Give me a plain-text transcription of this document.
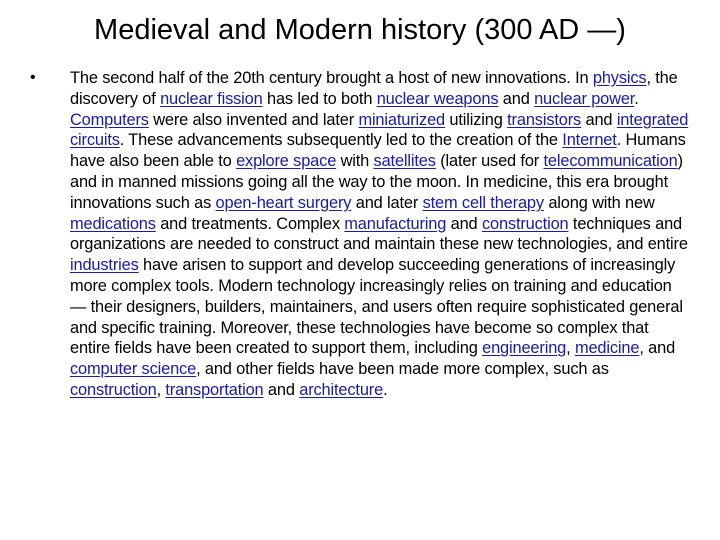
Medieval and Modern history (300 AD —)
• The second half of the 20th century brought a host of new innovations. In physics, the discovery of nuclear fission has led to both nuclear weapons and nuclear power. Computers were also invented and later miniaturized utilizing transistors and integrated circuits. These advancements subsequently led to the creation of the Internet. Humans have also been able to explore space with satellites (later used for telecommunication) and in manned missions going all the way to the moon. In medicine, this era brought innovations such as open-heart surgery and later stem cell therapy along with new medications and treatments. Complex manufacturing and construction techniques and organizations are needed to construct and maintain these new technologies, and entire industries have arisen to support and develop succeeding generations of increasingly more complex tools. Modern technology increasingly relies on training and education — their designers, builders, maintainers, and users often require sophisticated general and specific training. Moreover, these technologies have become so complex that entire fields have been created to support them, including engineering, medicine, and computer science, and other fields have been made more complex, such as construction, transportation and architecture.
